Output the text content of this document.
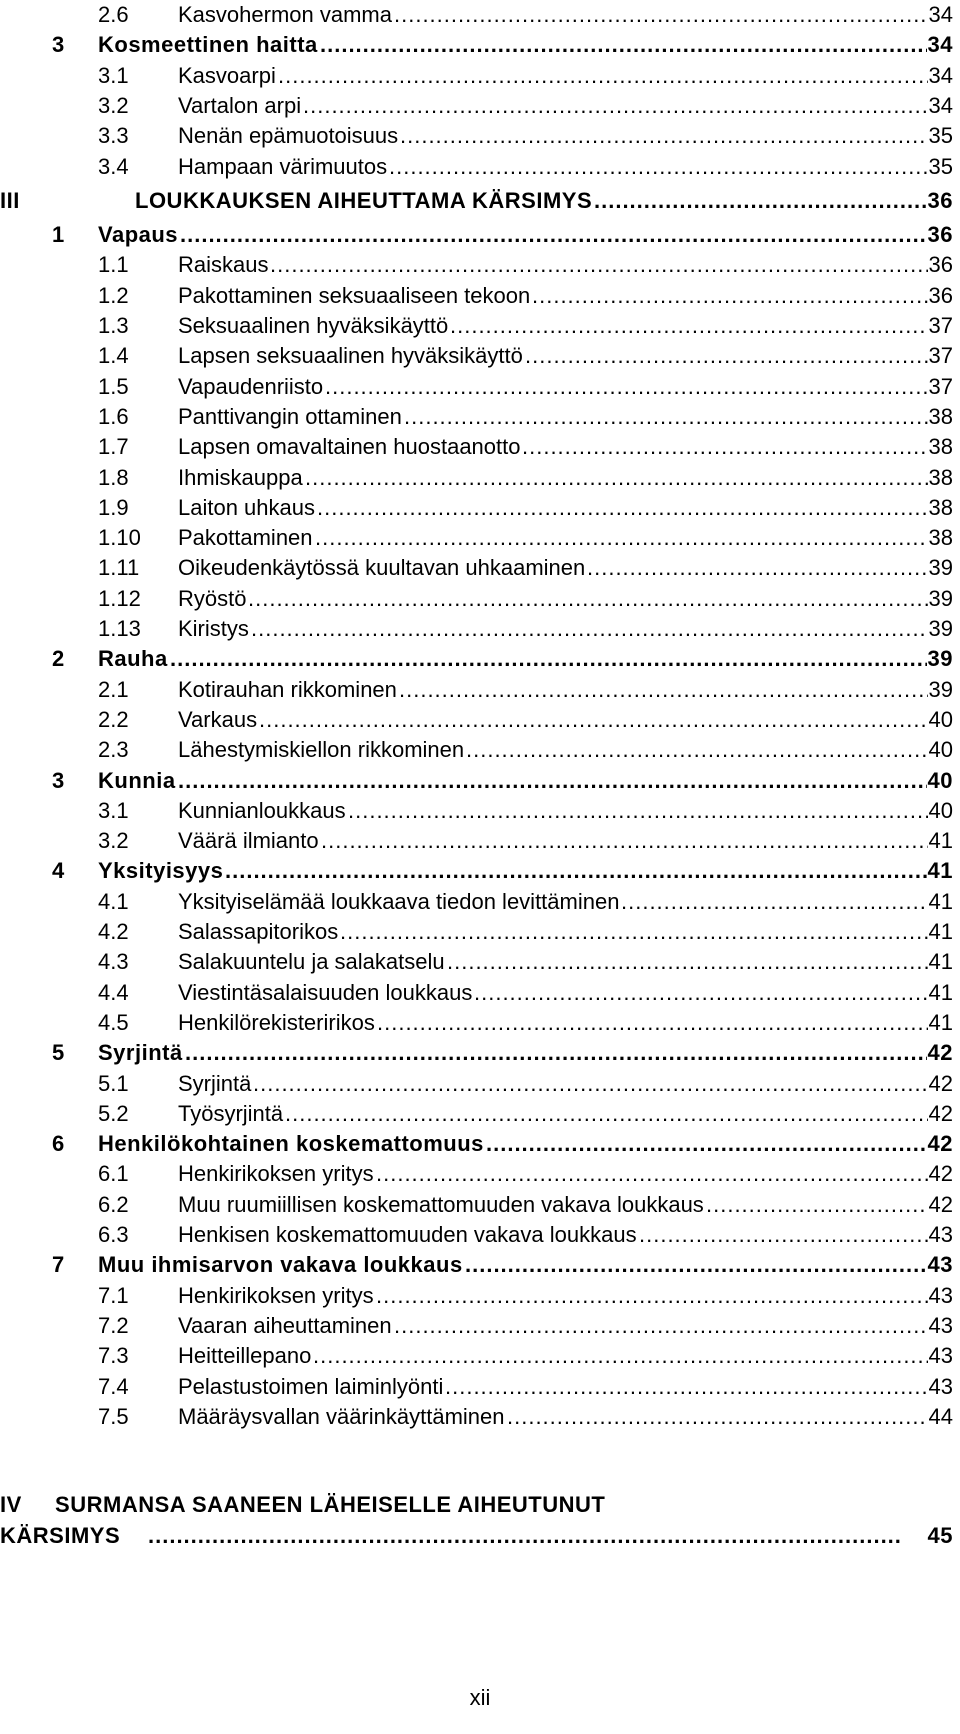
2.6 Kasvohermon vamma .....	34
3 Kosmeettinen haitta .....	34
3.1 Kasvoarpi .....	34
3.2 Vartalon arpi .....	34
3.3 Nenän epämuotoisuus .....	35
3.4 Hampaan värimuutos .....	35
III	LOUKKAUKSEN AIHEUTTAMA KÄRSIMYS .....	36
1 Vapaus .....	36
1.1 Raiskaus .....	36
1.2 Pakottaminen seksuaaliseen tekoon .....	36
1.3 Seksuaalinen hyväksikäyttö .....	37
1.4 Lapsen seksuaalinen hyväksikäyttö .....	37
1.5 Vapaudenriisto .....	37
1.6 Panttivangin ottaminen .....	38
1.7 Lapsen omavaltainen huostaanotto .....	38
1.8 Ihmiskauppa .....	38
1.9 Laiton uhkaus .....	38
1.10 Pakottaminen .....	38
1.11 Oikeudenkäytössä kuultavan uhkaaminen .....	39
1.12 Ryöstö .....	39
1.13 Kiristys .....	39
2 Rauha .....	39
2.1 Kotirauhan rikkominen .....	39
2.2 Varkaus .....	40
2.3 Lähestymiskiellon rikkominen .....	40
3 Kunnia .....	40
3.1 Kunnianloukkaus .....	40
3.2 Väärä ilmianto .....	41
4 Yksityisyys .....	41
4.1 Yksityiselämää loukkaava tiedon levittäminen .....	41
4.2 Salassapitorikos .....	41
4.3 Salakuuntelu ja salakatselu .....	41
4.4 Viestintäsalaisuuden loukkaus .....	41
4.5 Henkilörekisteririkos .....	41
5 Syrjintä .....	42
5.1 Syrjintä .....	42
5.2 Työsyrjintä .....	42
6 Henkilökohtainen koskemattomuus .....	42
6.1 Henkirikoksen yritys .....	42
6.2 Muu ruumiillisen koskemattomuuden vakava loukkaus .....	42
6.3 Henkisen koskemattomuuden vakava loukkaus .....	43
7 Muu ihmisarvon vakava loukkaus .....	43
7.1 Henkirikoksen yritys .....	43
7.2 Vaaran aiheuttaminen .....	43
7.3 Heitteillepano .....	43
7.4 Pelastustoimen laiminlyönti .....	43
7.5 Määräysvallan väärinkäyttäminen .....	44
IV SURMANSA SAANEEN LÄHEISELLE AIHEUTUNUT
KÄRSIMYS .....	45
xii
